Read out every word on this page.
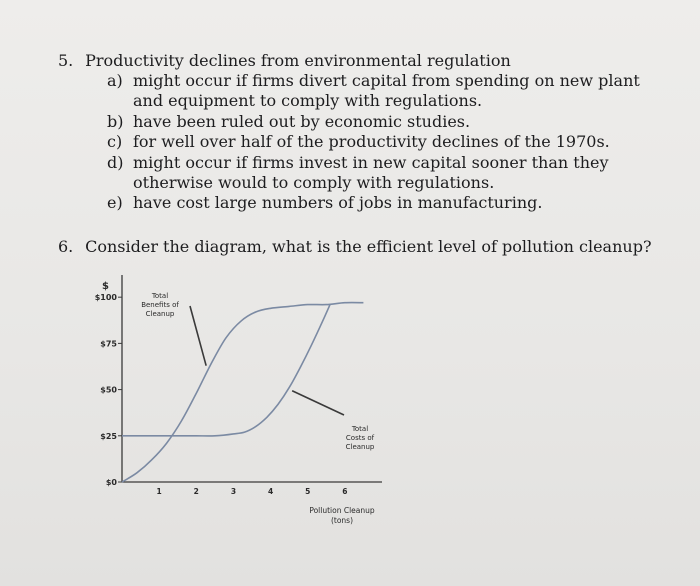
5. Productivity declines from environmental regulation
a) might occur if firms divert capital from spending on new plant and equipment to comply with regulations.
b) have been ruled out by economic studies.
c) for well over half of the productivity declines of the 1970s.
d) might occur if firms invest in new capital sooner than they otherwise would to comply with regulations.
e) have cost large numbers of jobs in manufacturing.
6. Consider the diagram, what is the efficient level of pollution cleanup?
$
$0
$25
$50
$75
$100
1	2	3	4	5	6
Total Benefits of Cleanup
Total Costs of Cleanup
Pollution Cleanup
(tons)
